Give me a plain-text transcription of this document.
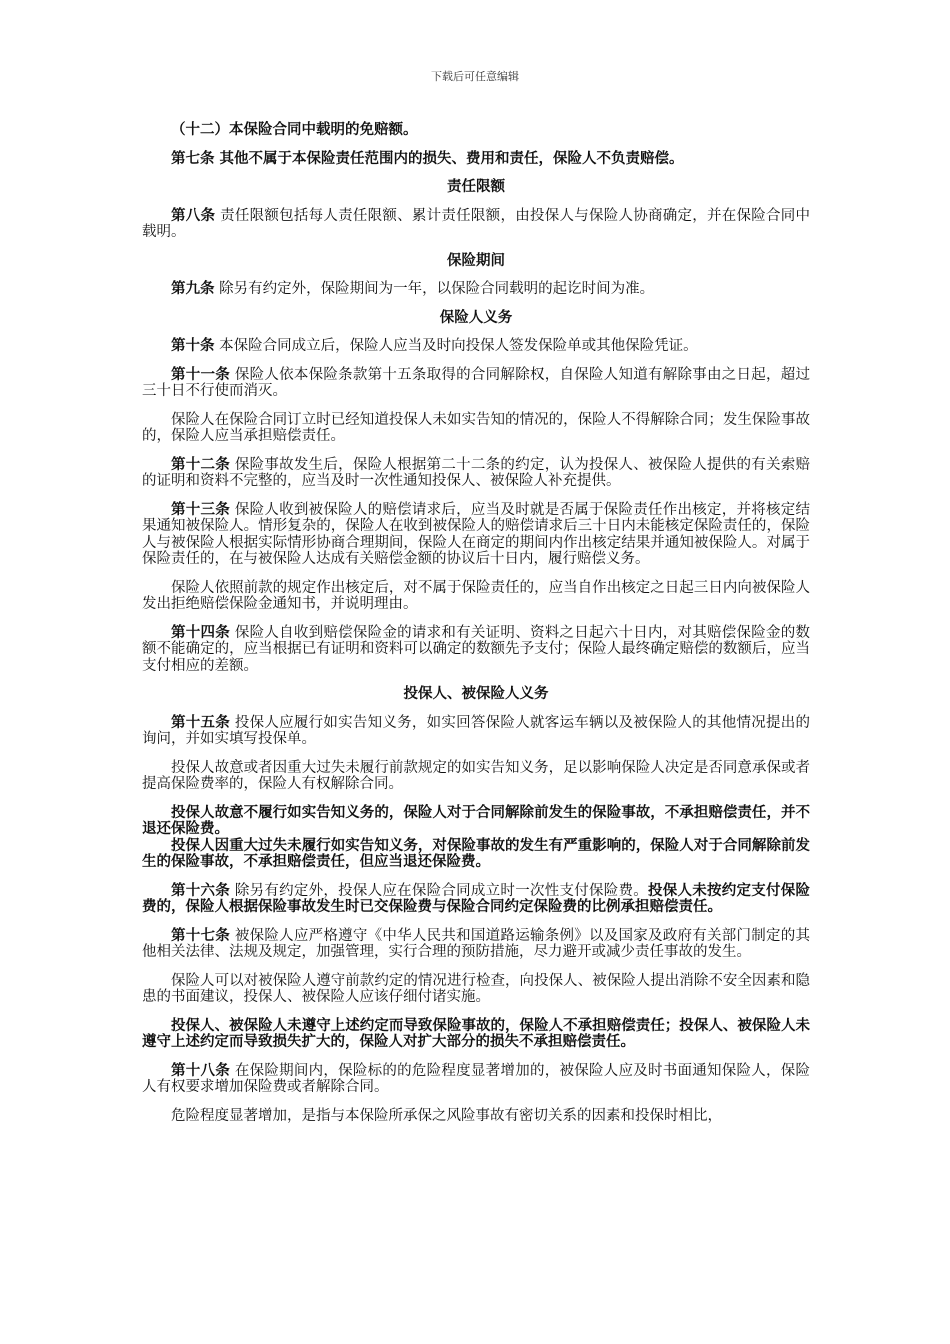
下载后可任意编辑
（十二）本保险合同中载明的免赔额。
第七条 其他不属于本保险责任范围内的损失、费用和责任，保险人不负责赔偿。
责任限额
第八条 责任限额包括每人责任限额、累计责任限额，由投保人与保险人协商确定，并在保险合同中载明。
保险期间
第九条 除另有约定外，保险期间为一年，以保险合同载明的起讫时间为准。
保险人义务
第十条 本保险合同成立后，保险人应当及时向投保人签发保险单或其他保险凭证。
第十一条 保险人依本保险条款第十五条取得的合同解除权，自保险人知道有解除事由之日起，超过三十日不行使而消灭。
保险人在保险合同订立时已经知道投保人未如实告知的情况的，保险人不得解除合同；发生保险事故的，保险人应当承担赔偿责任。
第十二条 保险事故发生后，保险人根据第二十二条的约定，认为投保人、被保险人提供的有关索赔的证明和资料不完整的，应当及时一次性通知投保人、被保险人补充提供。
第十三条 保险人收到被保险人的赔偿请求后，应当及时就是否属于保险责任作出核定，并将核定结果通知被保险人。情形复杂的，保险人在收到被保险人的赔偿请求后三十日内未能核定保险责任的，保险人与被保险人根据实际情形协商合理期间，保险人在商定的期间内作出核定结果并通知被保险人。对属于保险责任的，在与被保险人达成有关赔偿金额的协议后十日内，履行赔偿义务。
保险人依照前款的规定作出核定后，对不属于保险责任的，应当自作出核定之日起三日内向被保险人发出拒绝赔偿保险金通知书，并说明理由。
第十四条 保险人自收到赔偿保险金的请求和有关证明、资料之日起六十日内，对其赔偿保险金的数额不能确定的，应当根据已有证明和资料可以确定的数额先予支付；保险人最终确定赔偿的数额后，应当支付相应的差额。
投保人、被保险人义务
第十五条 投保人应履行如实告知义务，如实回答保险人就客运车辆以及被保险人的其他情况提出的询问，并如实填写投保单。
投保人故意或者因重大过失未履行前款规定的如实告知义务，足以影响保险人决定是否同意承保或者提高保险费率的，保险人有权解除合同。
投保人故意不履行如实告知义务的，保险人对于合同解除前发生的保险事故，不承担赔偿责任，并不退还保险费。
投保人因重大过失未履行如实告知义务，对保险事故的发生有严重影响的，保险人对于合同解除前发生的保险事故，不承担赔偿责任，但应当退还保险费。
第十六条 除另有约定外，投保人应在保险合同成立时一次性支付保险费。投保人未按约定支付保险费的，保险人根据保险事故发生时已交保险费与保险合同约定保险费的比例承担赔偿责任。
第十七条 被保险人应严格遵守《中华人民共和国道路运输条例》以及国家及政府有关部门制定的其他相关法律、法规及规定，加强管理，实行合理的预防措施，尽力避开或减少责任事故的发生。
保险人可以对被保险人遵守前款约定的情况进行检查，向投保人、被保险人提出消除不安全因素和隐患的书面建议，投保人、被保险人应该仔细付诸实施。
投保人、被保险人未遵守上述约定而导致保险事故的，保险人不承担赔偿责任；投保人、被保险人未遵守上述约定而导致损失扩大的，保险人对扩大部分的损失不承担赔偿责任。
第十八条 在保险期间内，保险标的的危险程度显著增加的，被保险人应及时书面通知保险人，保险人有权要求增加保险费或者解除合同。
危险程度显著增加，是指与本保险所承保之风险事故有密切关系的因素和投保时相比，
